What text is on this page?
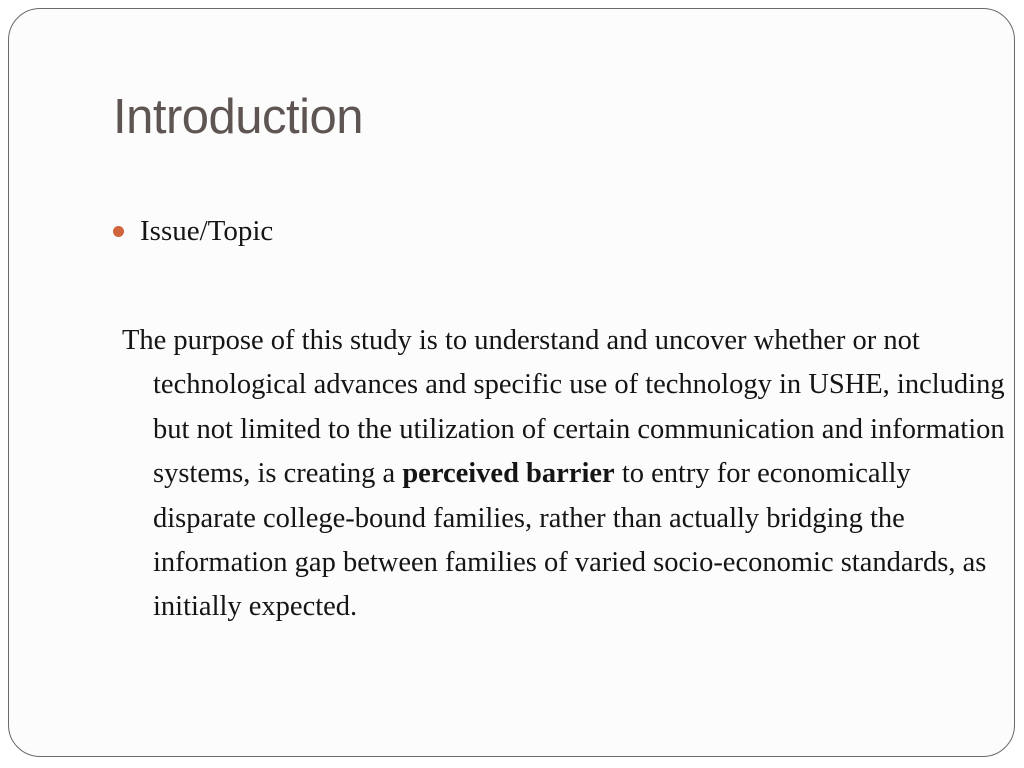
Introduction
Issue/Topic

The purpose of this study is to understand and uncover whether or not technological advances and specific use of technology in USHE, including but not limited to the utilization of certain communication and information systems, is creating a perceived barrier to entry for economically disparate college-bound families, rather than actually bridging the information gap between families of varied socio-economic standards, as initially expected.
